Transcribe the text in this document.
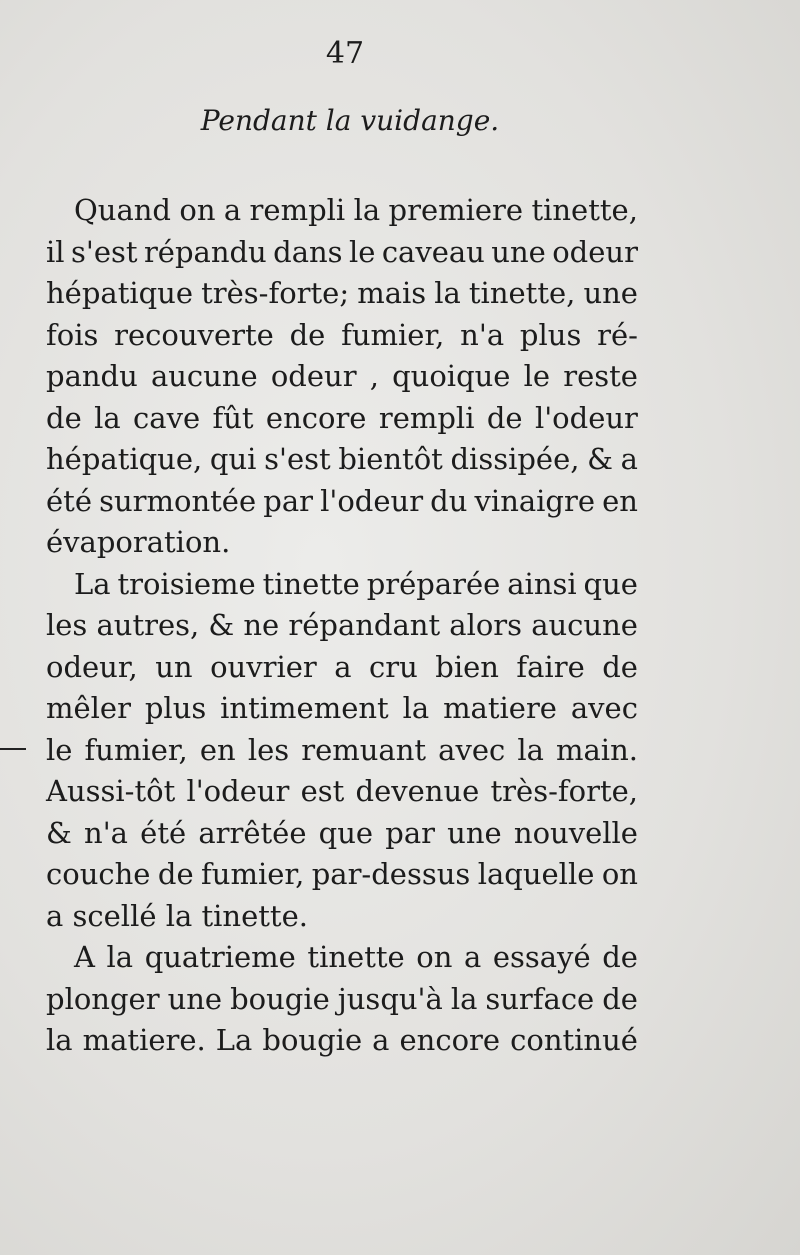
47
Pendant la vuidange.
Quand on a rempli la premiere tinette,
il s'est répandu dans le caveau une odeur
hépatique très-forte; mais la tinette, une
fois recouverte de fumier, n'a plus ré-
pandu aucune odeur , quoique le reste
de la cave fût encore rempli de l'odeur
hépatique, qui s'est bientôt dissipée, & a
été surmontée par l'odeur du vinaigre en
évaporation.
La troisieme tinette préparée ainsi que
les autres, & ne répandant alors aucune
odeur, un ouvrier a cru bien faire de
mêler plus intimement la matiere avec
le fumier, en les remuant avec la main.
Aussi-tôt l'odeur est devenue très-forte,
& n'a été arrêtée que par une nouvelle
couche de fumier, par-dessus laquelle on
a scellé la tinette.
A la quatrieme tinette on a essayé de
plonger une bougie jusqu'à la surface de
la matiere. La bougie a encore continué
